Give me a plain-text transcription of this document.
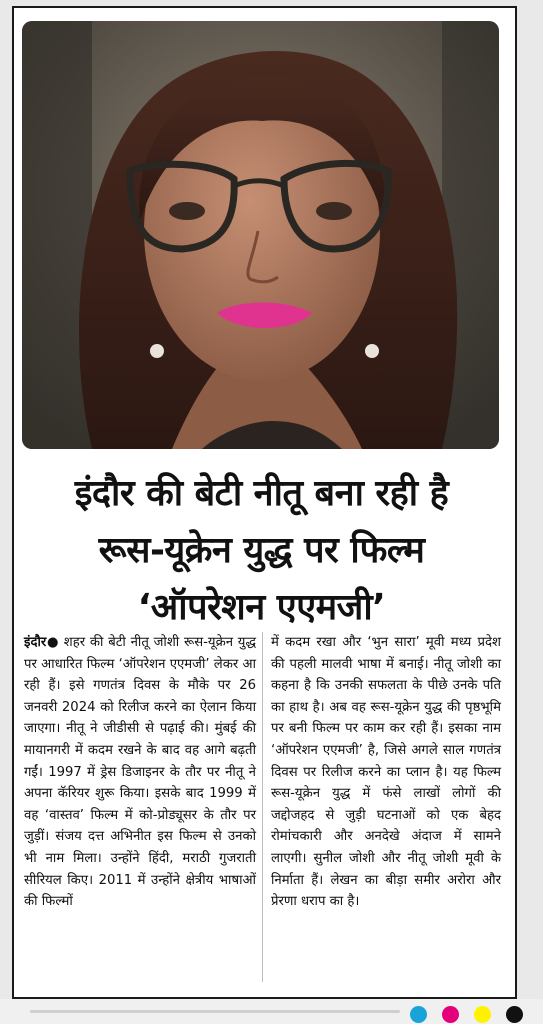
इंदौर की बेटी नीतू बना रही है
रूस-यूक्रेन युद्ध पर फिल्म
‘ऑपरेशन एएमजी’
इंदौर● शहर की बेटी नीतू जोशी रूस-यूक्रेन युद्ध पर आधारित फिल्म ‘ऑपरेशन एएमजी’ लेकर आ रही हैं। इसे गणतंत्र दिवस के मौके पर 26 जनवरी 2024 को रिलीज करने का ऐलान किया जाएगा। नीतू ने जीडीसी से पढ़ाई की। मुंबई की मायानगरी में कदम रखने के बाद वह आगे बढ़ती गईं। 1997 में ड्रेस डिजाइनर के तौर पर नीतू ने अपना कॅरियर शुरू किया। इसके बाद 1999 में वह ‘वास्तव’ फिल्म में को-प्रोड्यूसर के तौर पर जुड़ीं। संजय दत्त अभिनीत इस फिल्म से उनको भी नाम मिला। उन्होंने हिंदी, मराठी गुजराती सीरियल किए। 2011 में उन्होंने क्षेत्रीय भाषाओं की फिल्मों
में कदम रखा और ‘भुन सारा’ मूवी मध्य प्रदेश की पहली मालवी भाषा में बनाई। नीतू जोशी का कहना है कि उनकी सफलता के पीछे उनके पति का हाथ है। अब वह रूस-यूक्रेन युद्ध की पृष्ठभूमि पर बनी फिल्म पर काम कर रही हैं। इसका नाम ‘ऑपरेशन एएमजी’ है, जिसे अगले साल गणतंत्र दिवस पर रिलीज करने का प्लान है। यह फिल्म रूस-यूक्रेन युद्ध में फंसे लाखों लोगों की जद्दोजहद से जुड़ी घटनाओं को एक बेहद रोमांचकारी और अनदेखे अंदाज में सामने लाएगी। सुनील जोशी और नीतू जोशी मूवी के निर्माता हैं। लेखन का बीड़ा समीर अरोरा और प्रेरणा धराप का है।
